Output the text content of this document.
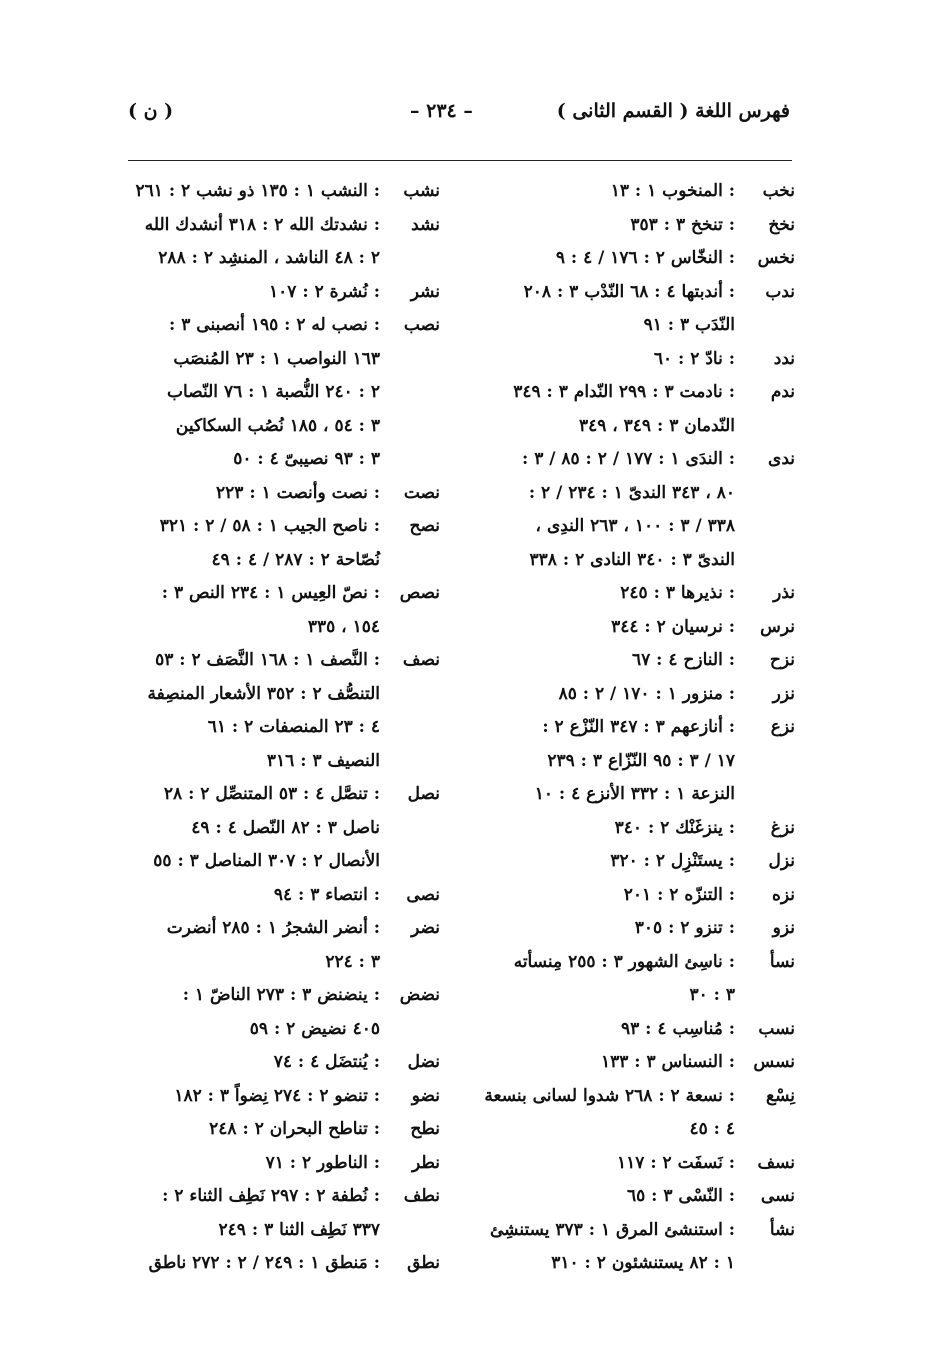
فهرس اللغة ( القسم الثانى )
– ٢٣٤ –
( ن )
نخب
: المنخوب ١ : ١٣
نخخ
: تنخخ ٣ : ٣٥٣
نخس
: النخّاس ٢ : ١٧٦ / ٤ : ٩
ندب
: أندبتها ٤ : ٦٨ النّدْب ٣ : ٢٠٨
النّدَب ٣ : ٩١
ندد
: نادّ ٢ : ٦٠
ندم
: نادمت ٣ : ٢٩٩ النّدام ٣ : ٣٤٩
النّدمان ٣ : ٣٤٩ ، ٣٤٩
ندى
: الندَى ١ : ١٧٧ / ٢ : ٨٥ / ٣ :
٨٠ ، ٣٤٣ الندىّ ١ : ٢٣٤ / ٢ :
٣٣٨ / ٣ : ١٠٠ ، ٢٦٣ الندِى ،
الندىّ ٣ : ٣٤٠ النادى ٢ : ٣٣٨
نذر
: نذيرها ٣ : ٢٤٥
نرس
: نرسيان ٢ : ٣٤٤
نزح
: النازح ٤ : ٦٧
نزر
: منزور ١ : ١٧٠ / ٢ : ٨٥
نزع
: أنازعهم ٣ : ٣٤٧ النّزْع ٢ :
١٧ / ٣ : ٩٥ النّزّاع ٣ : ٢٣٩
النزعة ١ : ٣٣٢ الأنزع ٤ : ١٠
نزغ
: ينزغَنْك ٢ : ٣٤٠
نزل
: يستَنْزِل ٢ : ٣٢٠
نزه
: التنزّه ٢ : ٢٠١
نزو
: تنزو ٢ : ٣٠٥
نسأ
: ناسِئ الشهور ٣ : ٢٥٥ مِنسأته
٣ : ٣٠
نسب
: مُناسِب ٤ : ٩٣
نسس
: النسناس ٣ : ١٣٣
نِسْع
: نسعة ٢ : ٢٦٨ شدوا لسانى بنسعة
٤ : ٤٥
نسف
: نَسفَت ٢ : ١١٧
نسى
: النّسْى ٣ : ٦٥
نشأ
: استنشئ المرق ١ : ٣٧٣ يستنشِئ
١ : ٨٢ يستنشئون ٢ : ٣١٠
نشب
: النشب ١ : ١٣٥ ذو نشب ٢ : ٢٦١
نشد
: نشدتك الله ٢ : ٣١٨ أنشدك الله
٢ : ٤٨ الناشد ، المنشِد ٢ : ٢٨٨
نشر
: نُشرة ٢ : ١٠٧
نصب
: نصب له ٢ : ١٩٥ أنصبنى ٣ :
١٦٣ النواصب ١ : ٢٣ المُنصَب
٢ : ٢٤٠ النُّصبة ١ : ٧٦ النّصاب
٣ : ٥٤ ، ١٨٥ نُصُب السكاكين
٣ : ٩٣ نصيبىّ ٤ : ٥٠
نصت
: نصت وأنصت ١ : ٢٢٣
نصح
: ناصح الجيب ١ : ٥٨ / ٢ : ٣٢١
نُصّاحة ٢ : ٢٨٧ / ٤ : ٤٩
نصص
: نصّ العِيس ١ : ٢٣٤ النص ٣ :
١٥٤ ، ٣٣٥
نصف
: النَّصف ١ : ١٦٨ النَّصَف ٢ : ٥٣
التنصُّف ٢ : ٣٥٢ الأشعار المنصِفة
٤ : ٢٣ المنصفات ٢ : ٦١
النصيف ٣ : ٣١٦
نصل
: تنصَّل ٤ : ٥٣ المتنصِّل ٢ : ٢٨
ناصل ٣ : ٨٢ النّصل ٤ : ٤٩
الأنصال ٢ : ٣٠٧ المناصل ٣ : ٥٥
نصى
: انتصاء ٣ : ٩٤
نضر
: أنضر الشجرُ ١ : ٢٨٥ أنضرت
٣ : ٢٢٤
نضض
: ينضنض ٣ : ٢٧٣ الناضّ ١ :
٤٠٥ نضيض ٢ : ٥٩
نضل
: يُنتضَل ٤ : ٧٤
نضو
: تنضو ٢ : ٢٧٤ نِضواً ٣ : ١٨٢
نطح
: تناطح البحران ٢ : ٢٤٨
نطر
: الناطور ٢ : ٧١
نطف
: نُطفة ٢ : ٢٩٧ نَطِف الثناء ٢ :
٣٣٧ نَطِف الثنا ٣ : ٢٤٩
نطق
: مَنطق ١ : ٢٤٩ / ٢ : ٢٧٢ ناطق
